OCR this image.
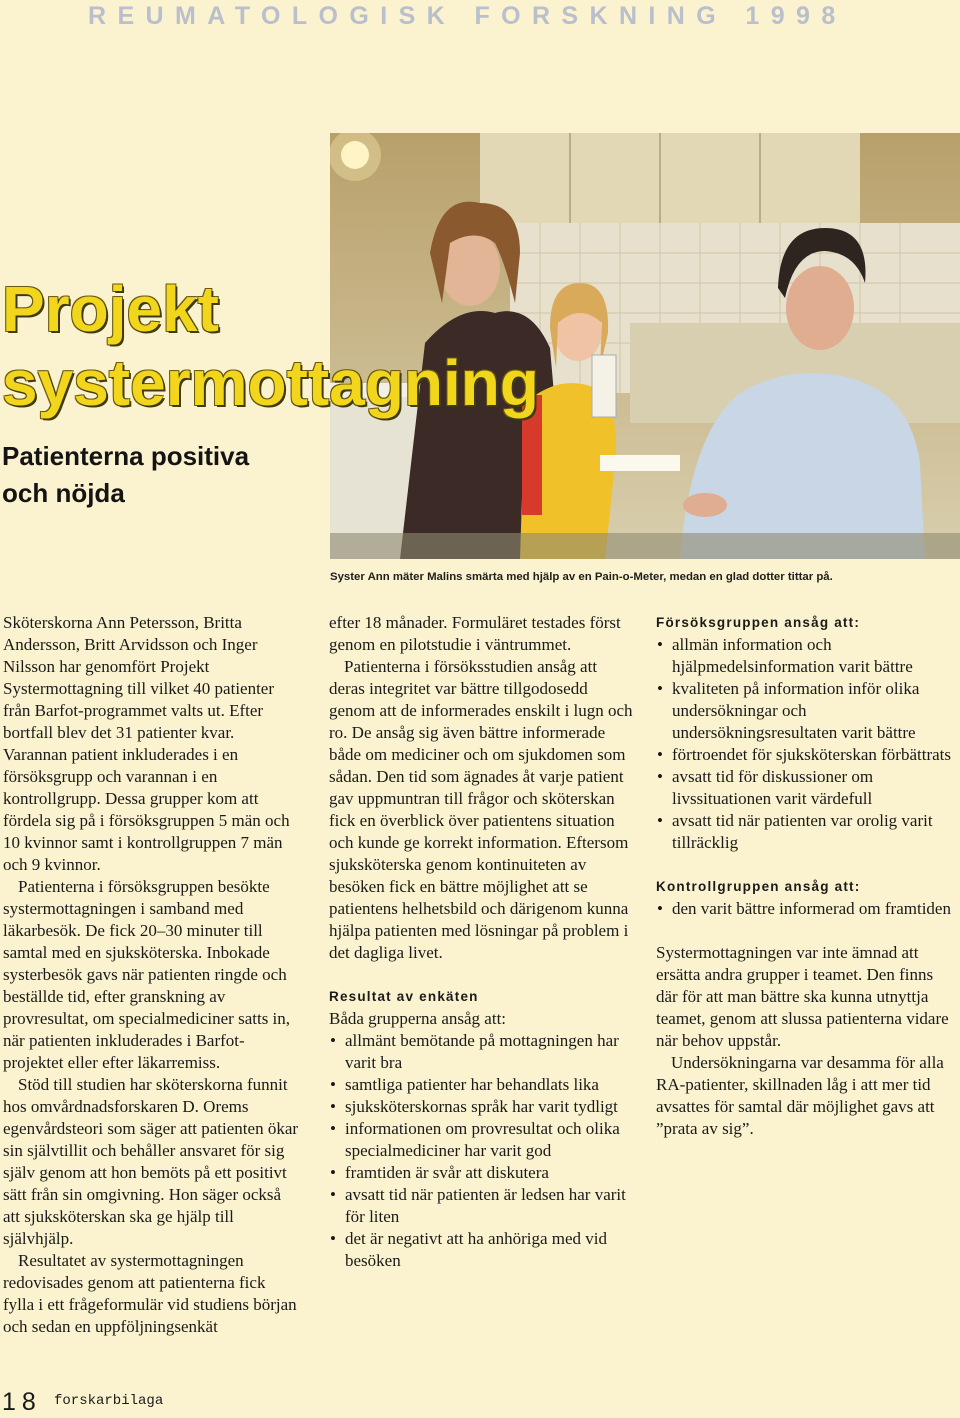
REUMATOLOGISK FORSKNING 1998
Projekt
systermottagning
Patienterna positiva
och nöjda
Syster Ann mäter Malins smärta med hjälp av en Pain-o-Meter, medan en glad dotter tittar på.

Sköterskorna Ann Petersson, Britta Andersson, Britt Arvidsson och Inger Nilsson har genomfört Projekt Systermottagning till vilket 40 patienter från Barfot-programmet valts ut. Efter bortfall blev det 31 patienter kvar. Varannan patient inkluderades i en försöksgrupp och varannan i en kontrollgrupp. Dessa grupper kom att fördela sig på i försöksgruppen 5 män och 10 kvinnor samt i kontrollgruppen 7 män och 9 kvinnor.

Patienterna i försöksgruppen besökte systermottagningen i samband med läkarbesök. De fick 20–30 minuter till samtal med en sjuksköterska. Inbokade systerbesök gavs när patienten ringde och beställde tid, efter granskning av provresultat, om specialmediciner satts in, när patienten inkluderades i Barfot-projektet eller efter läkarremiss.

Stöd till studien har sköterskorna funnit hos omvårdnadsforskaren D. Orems egenvårdsteori som säger att patienten ökar sin självtillit och behåller ansvaret för sig själv genom att hon bemöts på ett positivt sätt från sin omgivning. Hon säger också att sjuksköterskan ska ge hjälp till självhjälp.

Resultatet av systermottagningen redovisades genom att patienterna fick fylla i ett frågeformulär vid studiens början och sedan en uppföljningsenkät

efter 18 månader. Formuläret testades först genom en pilotstudie i väntrummet.

Patienterna i försöksstudien ansåg att deras integritet var bättre tillgodosedd genom att de informerades enskilt i lugn och ro. De ansåg sig även bättre informerade både om mediciner och om sjukdomen som sådan. Den tid som ägnades åt varje patient gav uppmuntran till frågor och sköterskan fick en överblick över patientens situation och kunde ge korrekt information. Eftersom sjuksköterska genom kontinuiteten av besöken fick en bättre möjlighet att se patientens helhetsbild och därigenom kunna hjälpa patienten med lösningar på problem i det dagliga livet.

Resultat av enkäten

Båda grupperna ansåg att:

• allmänt bemötande på mottagningen har varit bra
• samtliga patienter har behandlats lika
• sjuksköterskornas språk har varit tydligt
• informationen om provresultat och olika specialmediciner har varit god
• framtiden är svår att diskutera
• avsatt tid när patienten är ledsen har varit för liten
• det är negativt att ha anhöriga med vid besöken

Försöksgruppen ansåg att:

• allmän information och hjälpmedelsinformation varit bättre
• kvaliteten på information inför olika undersökningar och undersökningsresultaten varit bättre
• förtroendet för sjuksköterskan förbättrats
• avsatt tid för diskussioner om livssituationen varit värdefull
• avsatt tid när patienten var orolig varit tillräcklig

Kontrollgruppen ansåg att:

• den varit bättre informerad om framtiden

Systermottagningen var inte ämnad att ersätta andra grupper i teamet. Den finns där för att man bättre ska kunna utnyttja teamet, genom att slussa patienterna vidare när behov uppstår.

Undersökningarna var desamma för alla RA-patienter, skillnaden låg i att mer tid avsattes för samtal där möjlighet gavs att ”prata av sig”.

18 forskarbilaga
